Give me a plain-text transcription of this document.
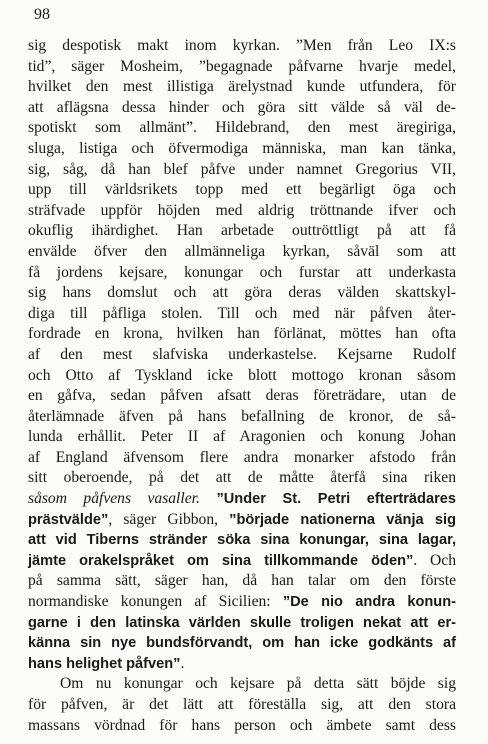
98
sig despotisk makt inom kyrkan. ”Men från Leo IX:s
tid”, säger Mosheim, ”begagnade påfvarne hvarje medel,
hvilket den mest illistiga ärelystnad kunde utfundera, för
att aflägsna dessa hinder och göra sitt välde så väl de-
spotiskt som allmänt”. Hildebrand, den mest äregiriga,
sluga, listiga och öfvermodiga människa, man kan tänka,
sig, såg, då han blef påfve under namnet Gregorius VII,
upp till världsrikets topp med ett begärligt öga och
sträfvade uppför höjden med aldrig tröttnande ifver och
okuflig ihärdighet. Han arbetade outtröttligt på att få
envälde öfver den allmänneliga kyrkan, såväl som att
få jordens kejsare, konungar och furstar att underkasta
sig hans domslut och att göra deras välden skattskyl-
diga till påfliga stolen. Till och med när påfven åter-
fordrade en krona, hvilken han förlänat, möttes han ofta
af den mest slafviska underkastelse. Kejsarne Rudolf
och Otto af Tyskland icke blott mottogo kronan såsom
en gåfva, sedan påfven afsatt deras företrädare, utan de
återlämnade äfven på hans befallning de kronor, de så-
lunda erhållit. Peter II af Aragonien och konung Johan
af England äfvensom flere andra monarker afstodo från
sitt oberoende, på det att de måtte återfå sina riken
såsom påfvens vasaller. ”Under St. Petri efterträdares
prästvälde”, säger Gibbon, ”började nationerna vänja sig
att vid Tiberns stränder söka sina konungar, sina lagar,
jämte orakelspråket om sina tillkommande öden”. Och
på samma sätt, säger han, då han talar om den förste
normandiske konungen af Sicilien: ”De nio andra konun-
garne i den latinska världen skulle troligen nekat att er-
känna sin nye bundsförvandt, om han icke godkänts af
hans helighet påfven”.
Om nu konungar och kejsare på detta sätt böjde sig
för påfven, är det lätt att föreställa sig, att den stora
massans vördnad för hans person och ämbete samt dess
